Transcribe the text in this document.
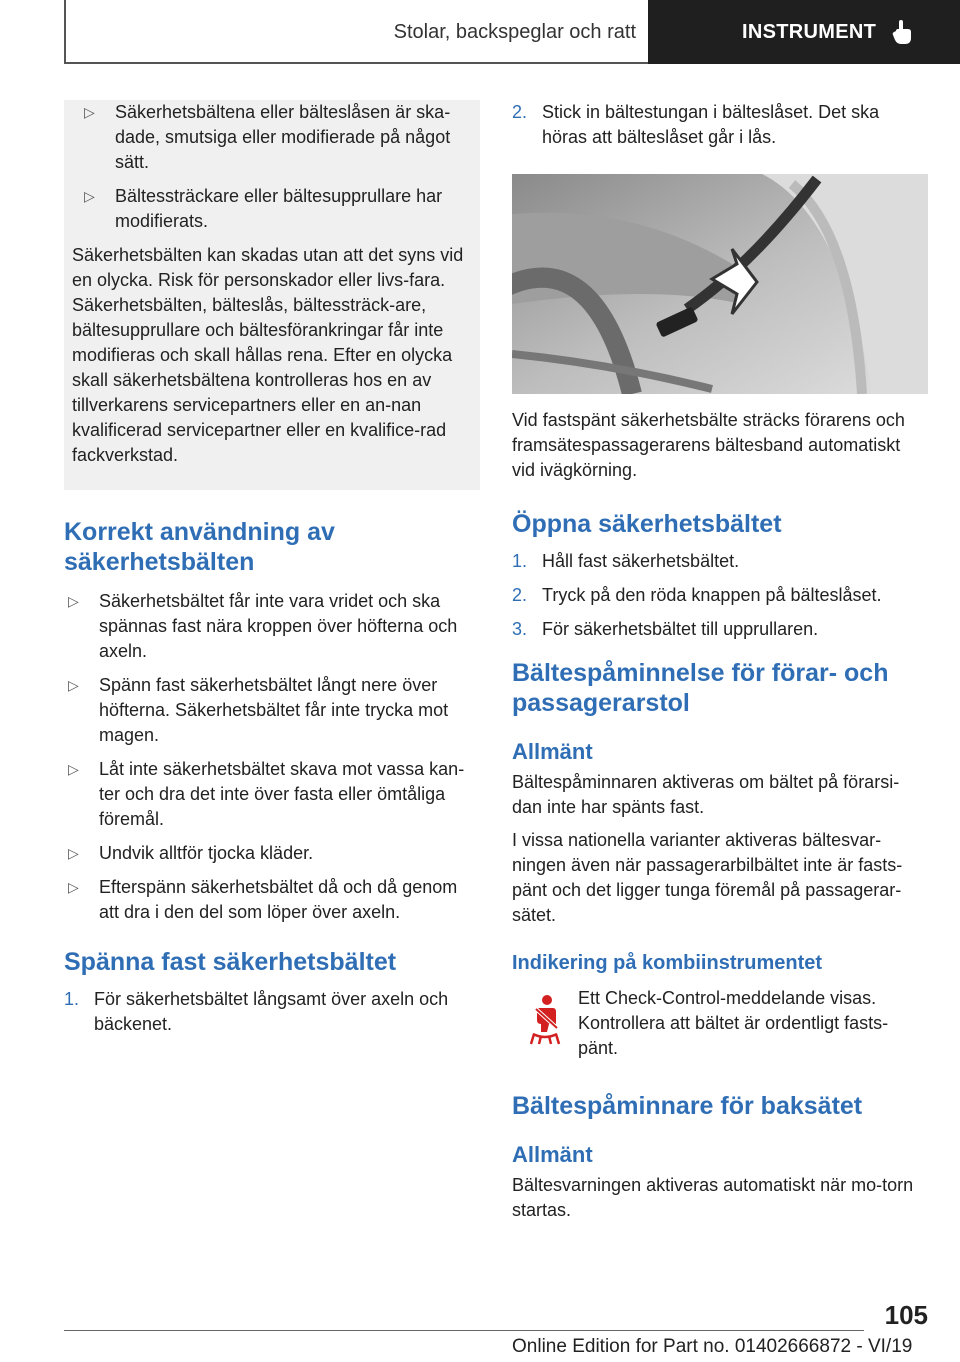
Stolar, backspeglar och ratt	INSTRUMENT
▷ Säkerhetsbältena eller bälteslåsen är ska-dade, smutsiga eller modifierade på något sätt.
▷ Bältessträckare eller bältesupprullare har modifierats.

Säkerhetsbälten kan skadas utan att det syns vid en olycka. Risk för personskador eller livs-fara. Säkerhetsbälten, bälteslås, bältessträck-are, bältesupprullare och bältesförankringar får inte modifieras och skall hållas rena. Efter en olycka skall säkerhetsbältena kontrolleras hos en av tillverkarens servicepartners eller en an-nan kvalificerad servicepartner eller en kvalifice-rad fackverkstad.

Korrekt användning av säkerhetsbälten
▷ Säkerhetsbältet får inte vara vridet och ska spännas fast nära kroppen över höfterna och axeln.
▷ Spänn fast säkerhetsbältet långt nere över höfterna. Säkerhetsbältet får inte trycka mot magen.
▷ Låt inte säkerhetsbältet skava mot vassa kan-ter och dra det inte över fasta eller ömtåliga föremål.
▷ Undvik alltför tjocka kläder.
▷ Efterspänn säkerhetsbältet då och då genom att dra i den del som löper över axeln.
Spänna fast säkerhetsbältet
1. För säkerhetsbältet långsamt över axeln och bäckenet.
2. Stick in bältestungan i bälteslåset. Det ska höras att bälteslåset går i lås.

Vid fastspänt säkerhetsbälte sträcks förarens och framsätespassagerarens bältesband automatiskt vid ivägkörning.

Öppna säkerhetsbältet
1. Håll fast säkerhetsbältet.
2. Tryck på den röda knappen på bälteslåset.
3. För säkerhetsbältet till upprullaren.
Bältespåminnelse för förar- och passagerarstol
Allmänt

Bältespåminnaren aktiveras om bältet på förarsi-dan inte har spänts fast.

I vissa nationella varianter aktiveras bältesvar-ningen även när passagerarbilbältet inte är fasts-pänt och det ligger tunga föremål på passagerar-sätet.

Indikering på kombiinstrumentet

Ett Check-Control-meddelande visas. Kontrollera att bältet är ordentligt fasts-pänt.

Bältespåminnare för baksätet
Allmänt

Bältesvarningen aktiveras automatiskt när mo-torn startas.

105
Online Edition for Part no. 01402666872 - VI/19
